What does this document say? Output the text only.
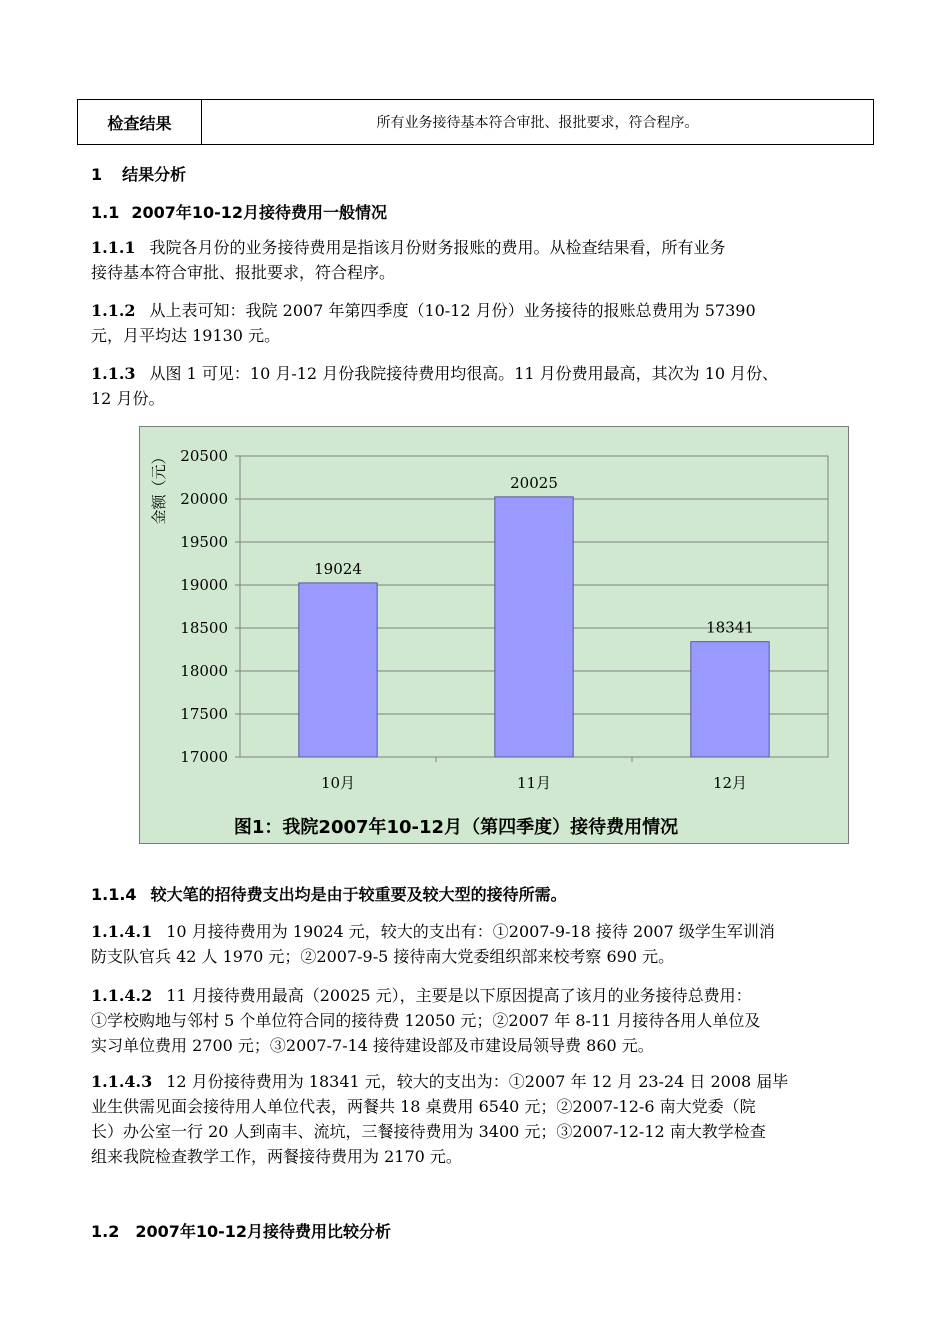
检查结果	所有业务接待基本符合审批、报批要求，符合程序。
1 结果分析
1.1 2007年10-12月接待费用一般情况
1.1.1 我院各月份的业务接待费用是指该月份财务报账的费用。从检查结果看，所有业务
接待基本符合审批、报批要求，符合程序。
1.1.2 从上表可知：我院 2007 年第四季度（10-12 月份）业务接待的报账总费用为 57390
元，月平均达 19130 元。
1.1.3 从图 1 可见：10 月-12 月份我院接待费用均很高。11 月份费用最高，其次为 10 月份、
12 月份。
20500
20000
19500
19000
18500
18000
17500
17000
19024
20025
18341
10月	11月	12月
金额（元）
图1：我院2007年10-12月（第四季度）接待费用情况
1.1.4 较大笔的招待费支出均是由于较重要及较大型的接待所需。
1.1.4.1 10 月接待费用为 19024 元，较大的支出有：①2007-9-18 接待 2007 级学生军训消
防支队官兵 42 人 1970 元；②2007-9-5 接待南大党委组织部来校考察 690 元。
1.1.4.2 11 月接待费用最高（20025 元），主要是以下原因提高了该月的业务接待总费用：
①学校购地与邻村 5 个单位符合同的接待费 12050 元；②2007 年 8-11 月接待各用人单位及
实习单位费用 2700 元；③2007-7-14 接待建设部及市建设局领导费 860 元。
1.1.4.3 12 月份接待费用为 18341 元，较大的支出为：①2007 年 12 月 23-24 日 2008 届毕
业生供需见面会接待用人单位代表，两餐共 18 桌费用 6540 元；②2007-12-6 南大党委（院
长）办公室一行 20 人到南丰、流坑，三餐接待费用为 3400 元；③2007-12-12 南大教学检查
组来我院检查教学工作，两餐接待费用为 2170 元。
1.2 2007年10-12月接待费用比较分析
